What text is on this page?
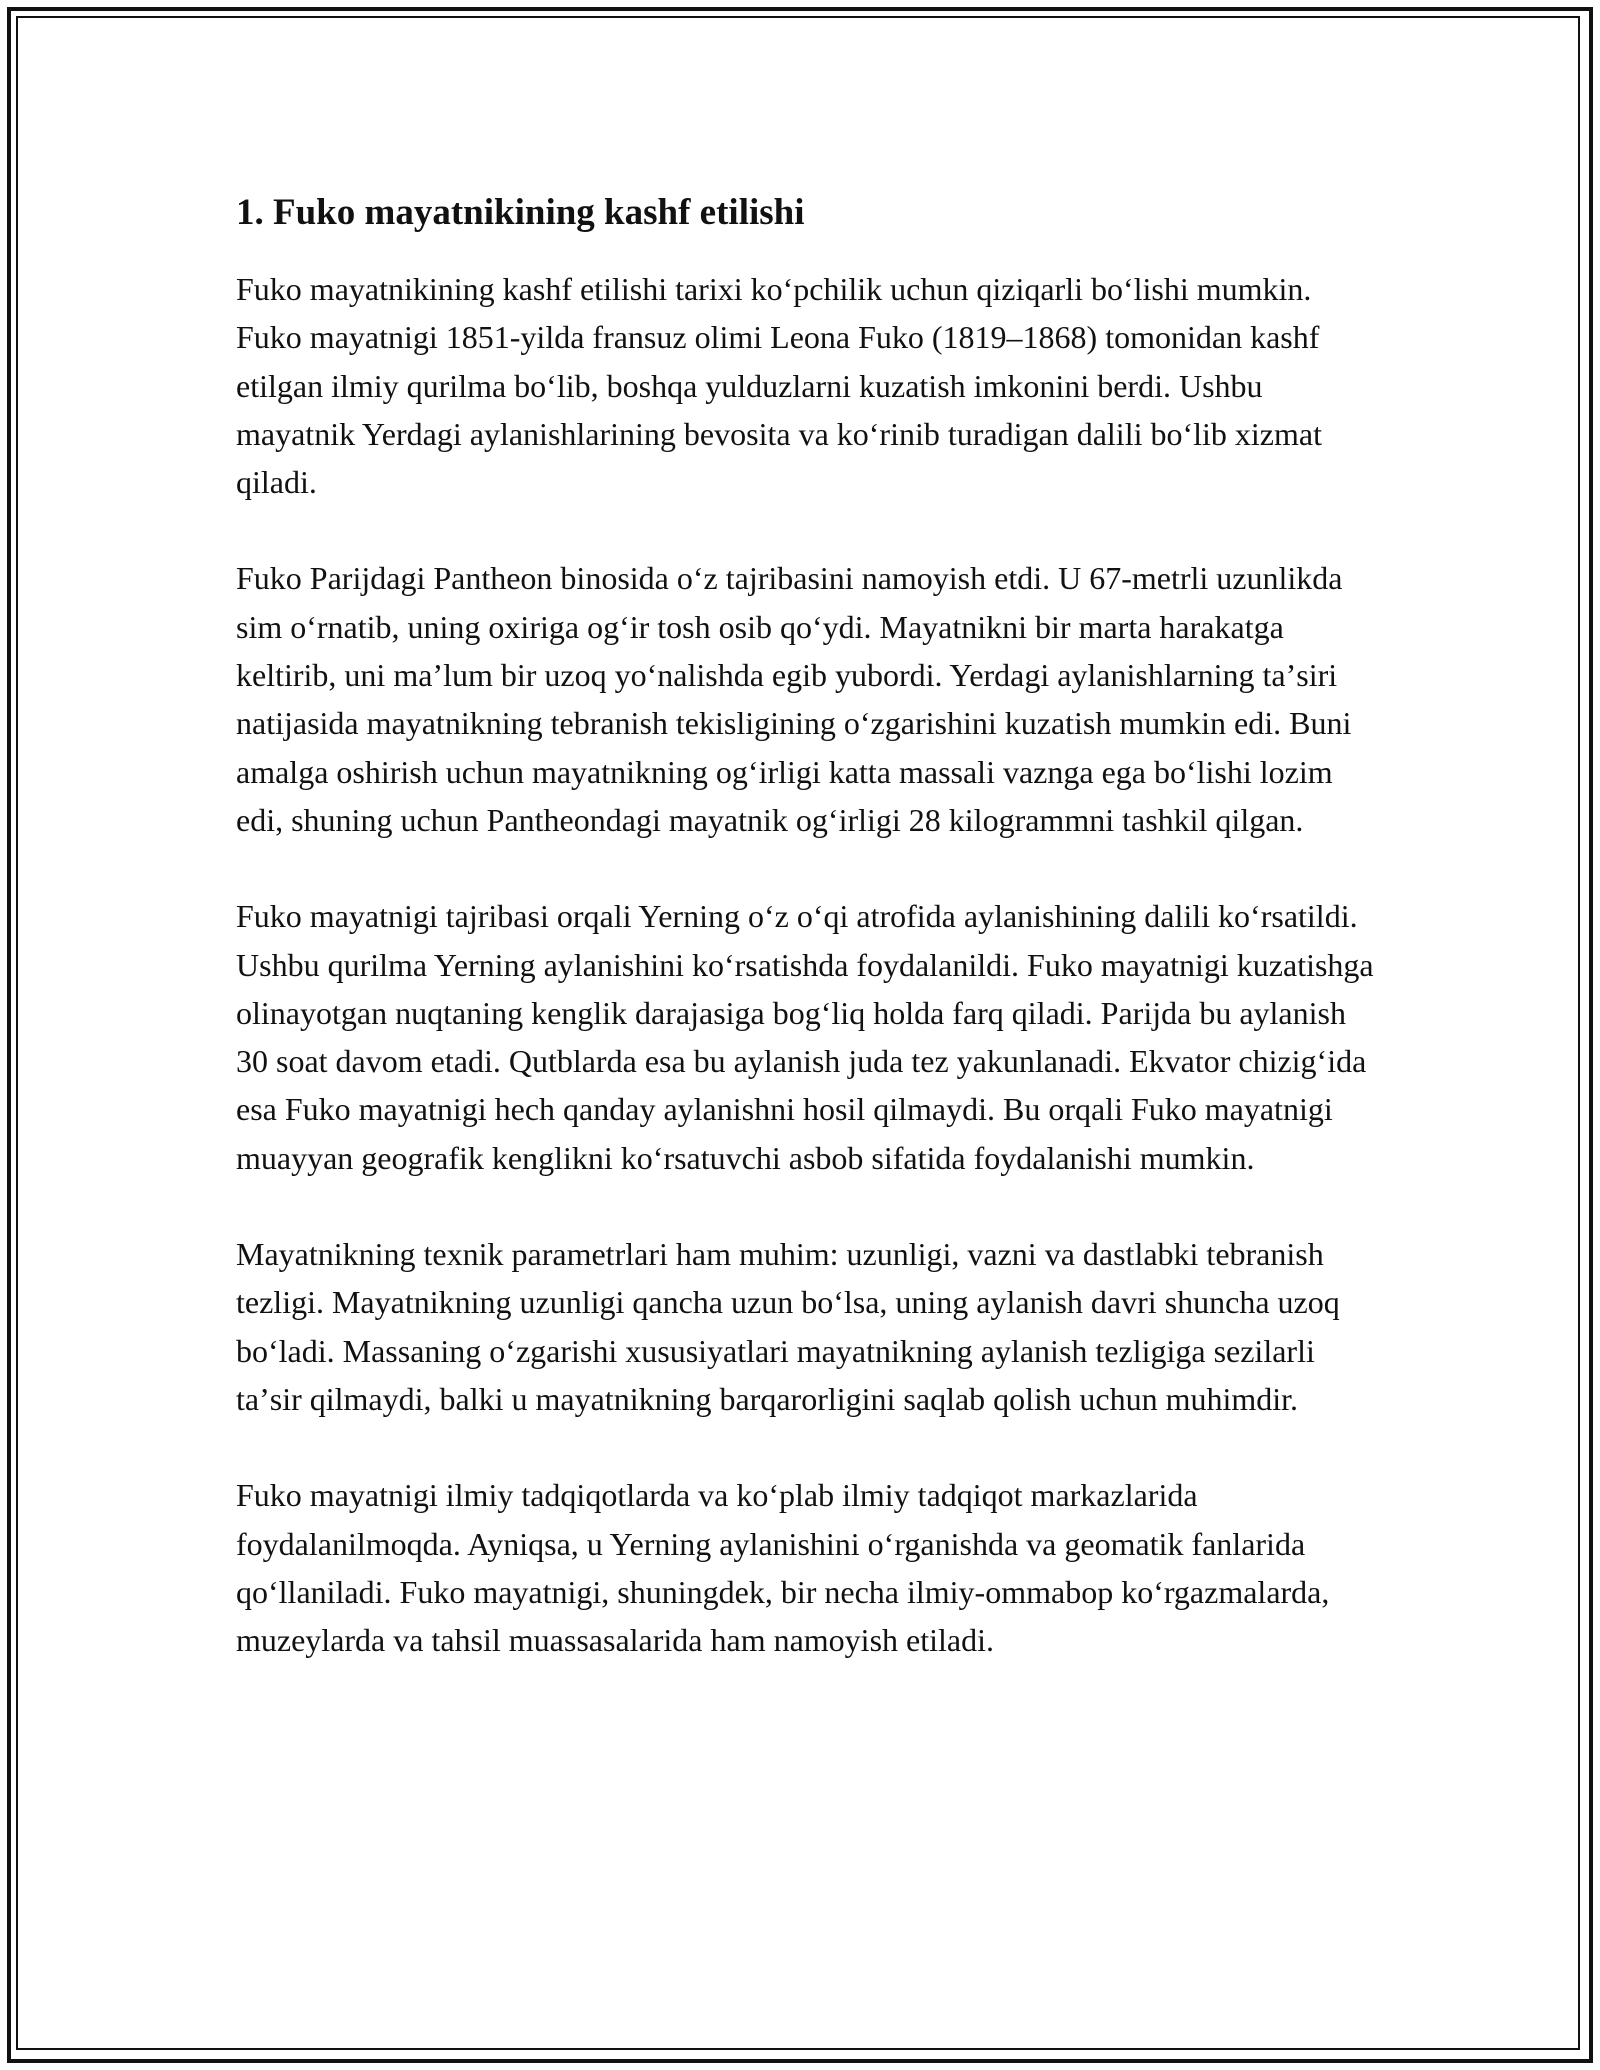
1. Fuko mayatnikining kashf etilishi

Fuko mayatnikining kashf etilishi tarixi koʻpchilik uchun qiziqarli boʻlishi mumkin. Fuko mayatnigi 1851-yilda fransuz olimi Leona Fuko (1819–1868) tomonidan kashf etilgan ilmiy qurilma boʻlib, boshqa yulduzlarni kuzatish imkonini berdi. Ushbu mayatnik Yerdagi aylanishlarining bevosita va koʻrinib turadigan dalili boʻlib xizmat qiladi.

Fuko Parijdagi Pantheon binosida oʻz tajribasini namoyish etdi. U 67-metrli uzunlikda sim oʻrnatib, uning oxiriga ogʻir tosh osib qoʻydi. Mayatnikni bir marta harakatga keltirib, uni maʼlum bir uzoq yoʻnalishda egib yubordi. Yerdagi aylanishlarning taʼsiri natijasida mayatnikning tebranish tekisligining oʻzgarishini kuzatish mumkin edi. Buni amalga oshirish uchun mayatnikning ogʻirligi katta massali vaznga ega boʻlishi lozim edi, shuning uchun Pantheondagi mayatnik ogʻirligi 28 kilogrammni tashkil qilgan.

Fuko mayatnigi tajribasi orqali Yerning oʻz oʻqi atrofida aylanishining dalili koʻrsatildi. Ushbu qurilma Yerning aylanishini koʻrsatishda foydalanildi. Fuko mayatnigi kuzatishga olinayotgan nuqtaning kenglik darajasiga bogʻliq holda farq qiladi. Parijda bu aylanish 30 soat davom etadi. Qutblarda esa bu aylanish juda tez yakunlanadi. Ekvator chizigʻida esa Fuko mayatnigi hech qanday aylanishni hosil qilmaydi. Bu orqali Fuko mayatnigi muayyan geografik kenglikni koʻrsatuvchi asbob sifatida foydalanishi mumkin.

Mayatnikning texnik parametrlari ham muhim: uzunligi, vazni va dastlabki tebranish tezligi. Mayatnikning uzunligi qancha uzun boʻlsa, uning aylanish davri shuncha uzoq boʻladi. Massaning oʻzgarishi xususiyatlari mayatnikning aylanish tezligiga sezilarli taʼsir qilmaydi, balki u mayatnikning barqarorligini saqlab qolish uchun muhimdir.

Fuko mayatnigi ilmiy tadqiqotlarda va koʻplab ilmiy tadqiqot markazlarida foydalanilmoqda. Ayniqsa, u Yerning aylanishini oʻrganishda va geomatik fanlarida qoʻllaniladi. Fuko mayatnigi, shuningdek, bir necha ilmiy-ommabop koʻrgazmalarda, muzeylarda va tahsil muassasalarida ham namoyish etiladi.
